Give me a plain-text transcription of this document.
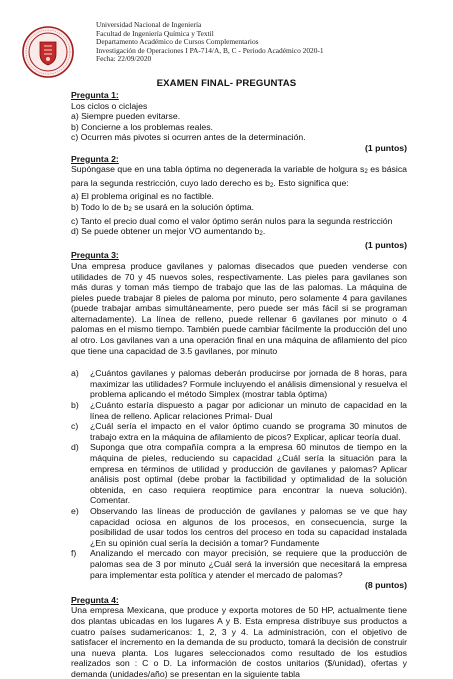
Universidad Nacional de Ingeniería
Facultad de Ingeniería Química y Textil
Departamento Académico de Cursos Complementarios
Investigación de Operaciones I PA-714/A, B, C - Periodo Académico 2020-1
Fecha: 22/09/2020
EXAMEN FINAL- PREGUNTAS

Pregunta 1:

Los ciclos o ciclajes

a) Siempre pueden evitarse.

b) Concierne a los problemas reales.

c) Ocurren más pivotes si ocurren antes de la determinación.

(1 puntos)

Pregunta 2:

Supóngase que en una tabla óptima no degenerada la variable de holgura s2 es básica para la segunda restricción, cuyo lado derecho es b2. Esto significa que:

a) El problema original es no factible.

b) Todo lo de b2 se usará en la solución óptima.

c) Tanto el precio dual como el valor óptimo serán nulos para la segunda restricción

d) Se puede obtener un mejor VO aumentando b2.

(1 puntos)

Pregunta 3:

Una empresa produce gavilanes y palomas disecados que pueden venderse con utilidades de 70 y 45 nuevos soles, respectivamente. Las pieles para gavilanes son más duras y toman más tiempo de trabajo que las de las palomas. La máquina de pieles puede trabajar 8 pieles de paloma por minuto, pero solamente 4 para gavilanes (puede trabajar ambas simultáneamente, pero puede ser más fácil si se programan alternadamente). La línea de relleno, puede rellenar 6 gavilanes por minuto o 4 palomas en el mismo tiempo. También puede cambiar fácilmente la producción del uno al otro. Los gavilanes van a una operación final en una máquina de afilamiento del pico que tiene una capacidad de 3.5 gavilanes, por minuto

a) ¿Cuántos gavilanes y palomas deberán producirse por jornada de 8 horas, para maximizar las utilidades? Formule incluyendo el análisis dimensional y resuelva el problema aplicando el método Simplex (mostrar tabla óptima)
b) ¿Cuánto estaría dispuesto a pagar por adicionar un minuto de capacidad en la línea de relleno. Aplicar relaciones Primal- Dual
c) ¿Cuál sería el impacto en el valor óptimo cuando se programa 30 minutos de trabajo extra en la máquina de afilamiento de picos? Explicar, aplicar teoría dual.
d) Suponga que otra compañía compra a la empresa 60 minutos de tiempo en la máquina de pieles, reduciendo su capacidad ¿Cuál sería la situación para la empresa en términos de utilidad y producción de gavilanes y palomas? Aplicar análisis post optimal (debe probar la factibilidad y optimalidad de la solución obtenida, en caso requiera reoptimice para encontrar la nueva solución). Comentar.
e) Observando las líneas de producción de gavilanes y palomas se ve que hay capacidad ociosa en algunos de los procesos, en consecuencia, surge la posibilidad de usar todos los centros del proceso en toda su capacidad instalada ¿En su opinión cual sería la decisión a tomar? Fundamente
f) Analizando el mercado con mayor precisión, se requiere que la producción de palomas sea de 3 por minuto ¿Cuál será la inversión que necesitará la empresa para implementar esta política y atender el mercado de palomas?

(8 puntos)

Pregunta 4:

Una empresa Mexicana, que produce y exporta motores de 50 HP, actualmente tiene dos plantas ubicadas en los lugares A y B. Esta empresa distribuye sus productos a cuatro países sudamericanos: 1, 2, 3 y 4. La administración, con el objetivo de satisfacer el incremento en la demanda de su producto, tomará la decisión de construir una nueva planta. Los lugares seleccionados como resultado de los estudios realizados son : C o D. La información de costos unitarios ($/unidad), ofertas y demanda (unidades/año) se presentan en la siguiente tabla
